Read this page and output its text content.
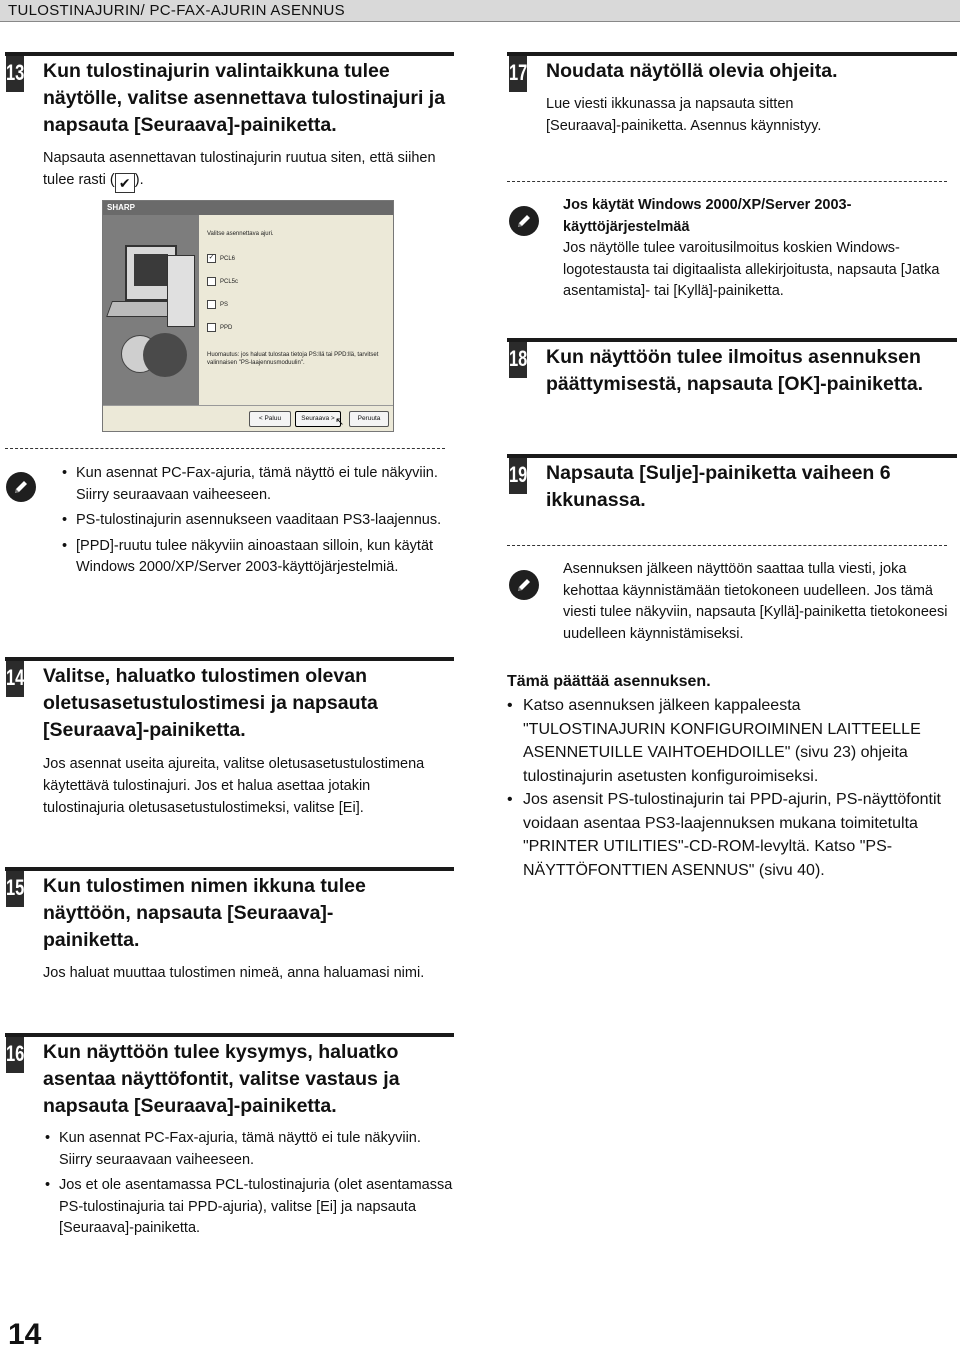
TULOSTINAJURIN/ PC-FAX-AJURIN ASENNUS
13 Kun tulostinajurin valintaikkuna tulee näytölle, valitse asennettava tulostinajuri ja napsauta [Seuraava]-painiketta.
Napsauta asennettavan tulostinajurin ruutua siten, että siihen tulee rasti ( ✔ ).
SHARP
Valitse asennettava ajuri.
✓ PCL6
PCL5c
PS
PPD
Huomautus: jos haluat tulostaa tietoja PS:llä tai PPD:llä, tarvitset valinnaisen "PS-laajennusmoduulin".
< Paluu	Seuraava >	Peruuta
↖
• Kun asennat PC-Fax-ajuria, tämä näyttö ei tule näkyviin. Siirry seuraavaan vaiheeseen.
• PS-tulostinajurin asennukseen vaaditaan PS3-laajennus.
• [PPD]-ruutu tulee näkyviin ainoastaan silloin, kun käytät Windows 2000/XP/Server 2003-käyttöjärjestelmiä.
14 Valitse, haluatko tulostimen olevan oletusasetustulostimesi ja napsauta [Seuraava]-painiketta.
Jos asennat useita ajureita, valitse oletusasetustulostimena käytettävä tulostinajuri. Jos et halua asettaa jotakin tulostinajuria oletusasetustulostimeksi, valitse [Ei].
15 Kun tulostimen nimen ikkuna tulee näyttöön, napsauta [Seuraava]-painiketta.
Jos haluat muuttaa tulostimen nimeä, anna haluamasi nimi.
16 Kun näyttöön tulee kysymys, haluatko asentaa näyttöfontit, valitse vastaus ja napsauta [Seuraava]-painiketta.
• Kun asennat PC-Fax-ajuria, tämä näyttö ei tule näkyviin. Siirry seuraavaan vaiheeseen.
• Jos et ole asentamassa PCL-tulostinajuria (olet asentamassa PS-tulostinajuria tai PPD-ajuria), valitse [Ei] ja napsauta [Seuraava]-painiketta.
17 Noudata näytöllä olevia ohjeita.
Lue viesti ikkunassa ja napsauta sitten [Seuraava]-painiketta. Asennus käynnistyy.
Jos käytät Windows 2000/XP/Server 2003-käyttöjärjestelmää
Jos näytölle tulee varoitusilmoitus koskien Windows-logotestausta tai digitaalista allekirjoitusta, napsauta [Jatka asentamista]- tai [Kyllä]-painiketta.
18 Kun näyttöön tulee ilmoitus asennuksen päättymisestä, napsauta [OK]-painiketta.
19 Napsauta [Sulje]-painiketta vaiheen 6 ikkunassa.
Asennuksen jälkeen näyttöön saattaa tulla viesti, joka kehottaa käynnistämään tietokoneen uudelleen. Jos tämä viesti tulee näkyviin, napsauta [Kyllä]-painiketta tietokoneesi uudelleen käynnistämiseksi.
Tämä päättää asennuksen.
• Katso asennuksen jälkeen kappaleesta "TULOSTINAJURIN KONFIGUROIMINEN LAITTEELLE ASENNETUILLE VAIHTOEHDOILLE" (sivu 23) ohjeita tulostinajurin asetusten konfiguroimiseksi.
• Jos asensit PS-tulostinajurin tai PPD-ajurin, PS-näyttöfontit voidaan asentaa PS3-laajennuksen mukana toimitetulta "PRINTER UTILITIES"-CD-ROM-levyltä. Katso "PS-NÄYTTÖFONTTIEN ASENNUS" (sivu 40).
14
